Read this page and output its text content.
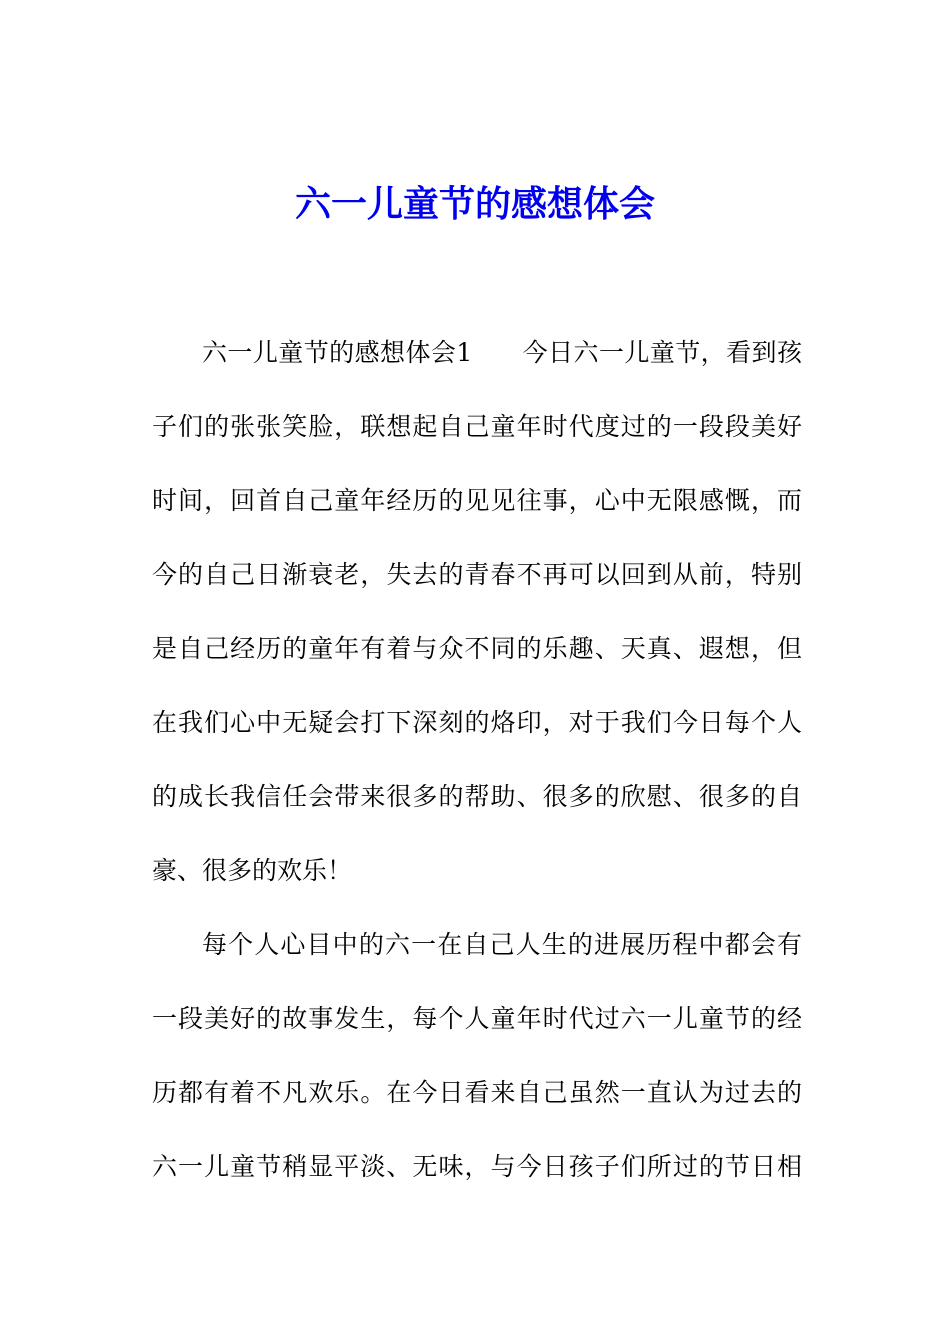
六一儿童节的感想体会
六一儿童节的感想体会1 今日六一儿童节，看到孩
子们的张张笑脸，联想起自己童年时代度过的一段段美好
时间，回首自己童年经历的见见往事，心中无限感慨，而
今的自己日渐衰老，失去的青春不再可以回到从前，特别
是自己经历的童年有着与众不同的乐趣、天真、遐想，但
在我们心中无疑会打下深刻的烙印，对于我们今日每个人
的成长我信任会带来很多的帮助、很多的欣慰、很多的自
豪、很多的欢乐！
每个人心目中的六一在自己人生的进展历程中都会有
一段美好的故事发生，每个人童年时代过六一儿童节的经
历都有着不凡欢乐。在今日看来自己虽然一直认为过去的
六一儿童节稍显平淡、无味，与今日孩子们所过的节日相
